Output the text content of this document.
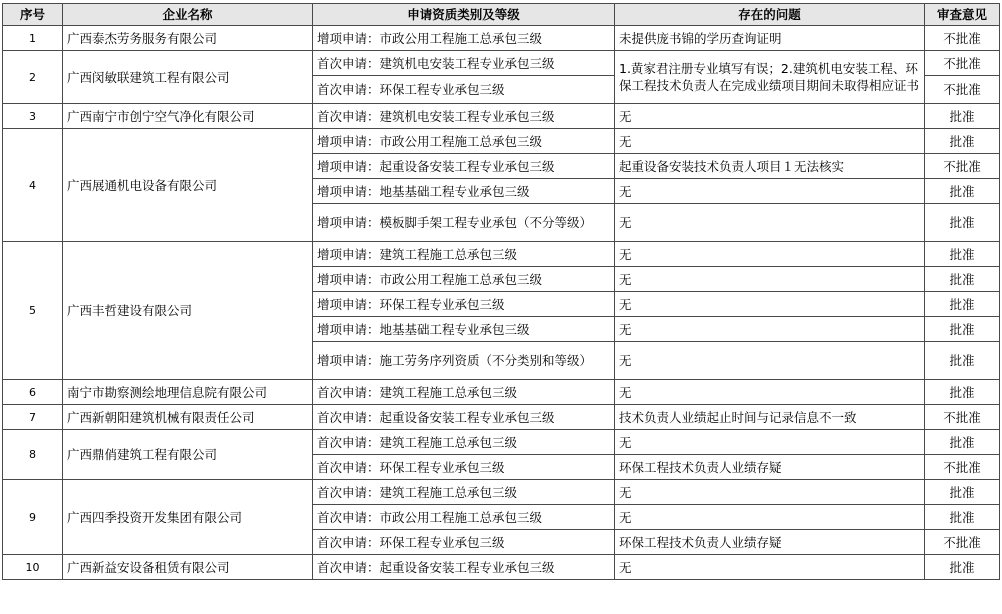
序号	企业名称	申请资质类别及等级	存在的问题	审查意见
1	广西泰杰劳务服务有限公司	增项申请：市政公用工程施工总承包三级	未提供庞书锦的学历查询证明	不批准
2	广西闵敏联建筑工程有限公司	首次申请：建筑机电安装工程专业承包三级	1.黄家君注册专业填写有误；2.建筑机电安装工程、环保工程技术负责人在完成业绩项目期间未取得相应证书	不批准
		首次申请：环保工程专业承包三级		不批准
3	广西南宁市创宁空气净化有限公司	首次申请：建筑机电安装工程专业承包三级	无	批准
4	广西展通机电设备有限公司	增项申请：市政公用工程施工总承包三级	无	批准
		增项申请：起重设备安装工程专业承包三级	起重设备安装技术负责人项目１无法核实	不批准
		增项申请：地基基础工程专业承包三级	无	批准
		增项申请：模板脚手架工程专业承包（不分等级）	无	批准
5	广西丰哲建设有限公司	增项申请：建筑工程施工总承包三级	无	批准
		增项申请：市政公用工程施工总承包三级	无	批准
		增项申请：环保工程专业承包三级	无	批准
		增项申请：地基基础工程专业承包三级	无	批准
		增项申请：施工劳务序列资质（不分类别和等级）	无	批准
6	南宁市勘察测绘地理信息院有限公司	首次申请：建筑工程施工总承包三级	无	批准
7	广西新朝阳建筑机械有限责任公司	首次申请：起重设备安装工程专业承包三级	技术负责人业绩起止时间与记录信息不一致	不批准
8	广西鼎俏建筑工程有限公司	首次申请：建筑工程施工总承包三级	无	批准
		首次申请：环保工程专业承包三级	环保工程技术负责人业绩存疑	不批准
9	广西四季投资开发集团有限公司	首次申请：建筑工程施工总承包三级	无	批准
		首次申请：市政公用工程施工总承包三级	无	批准
		首次申请：环保工程专业承包三级	环保工程技术负责人业绩存疑	不批准
10	广西新益安设备租赁有限公司	首次申请：起重设备安装工程专业承包三级	无	批准
